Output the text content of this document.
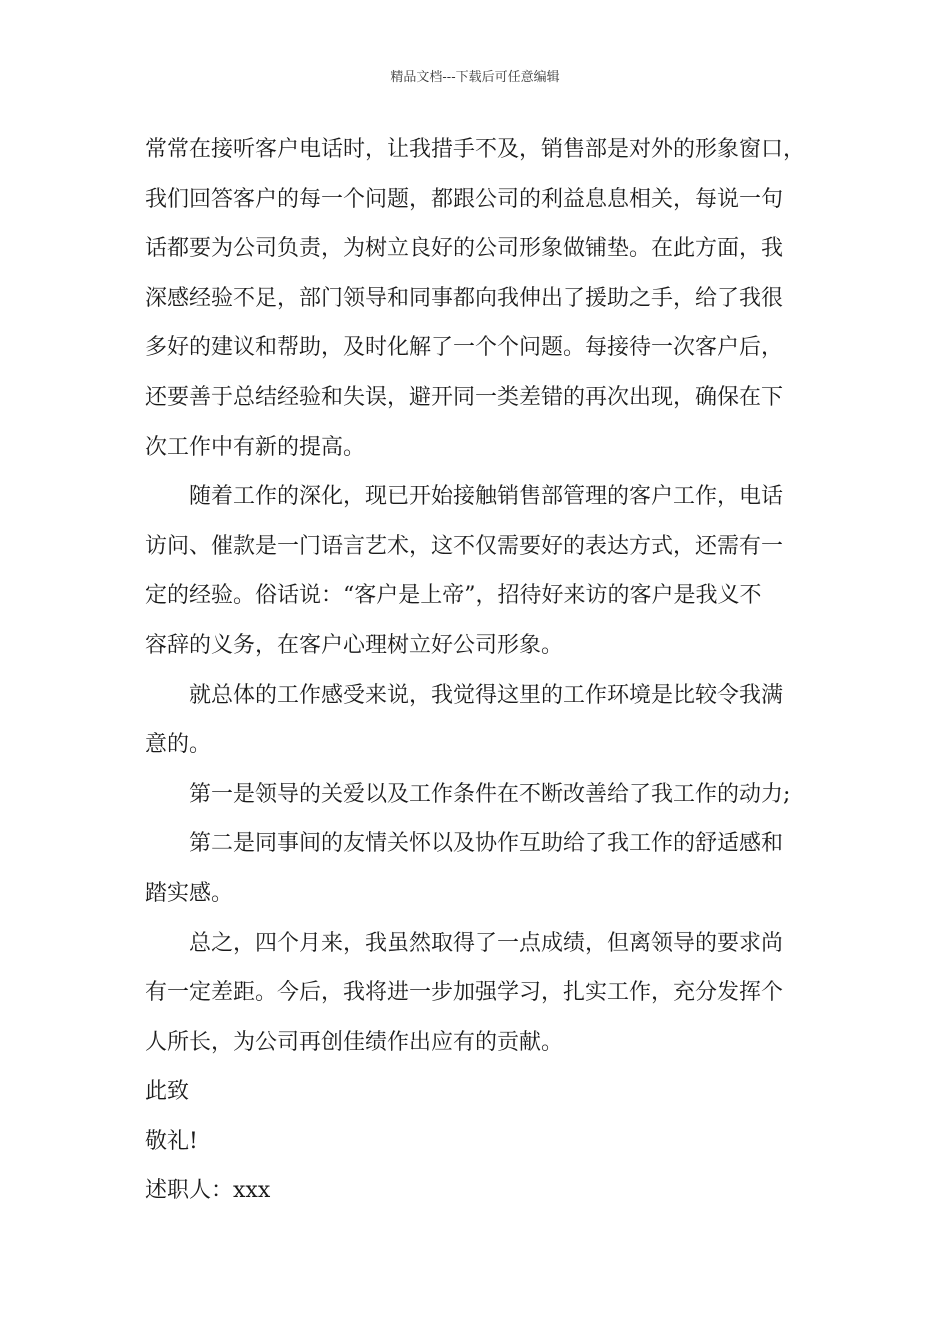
精品文档---下载后可任意编辑

常常在接听客户电话时，让我措手不及，销售部是对外的形象窗口，
我们回答客户的每一个问题，都跟公司的利益息息相关，每说一句
话都要为公司负责，为树立良好的公司形象做铺垫。在此方面，我
深感经验不足，部门领导和同事都向我伸出了援助之手，给了我很
多好的建议和帮助，及时化解了一个个问题。每接待一次客户后，
还要善于总结经验和失误，避开同一类差错的再次出现，确保在下
次工作中有新的提高。

随着工作的深化，现已开始接触销售部管理的客户工作，电话
访问、催款是一门语言艺术，这不仅需要好的表达方式，还需有一
定的经验。俗话说：“客户是上帝”，招待好来访的客户是我义不
容辞的义务，在客户心理树立好公司形象。

就总体的工作感受来说，我觉得这里的工作环境是比较令我满
意的。

第一是领导的关爱以及工作条件在不断改善给了我工作的动力;

第二是同事间的友情关怀以及协作互助给了我工作的舒适感和
踏实感。

总之，四个月来，我虽然取得了一点成绩，但离领导的要求尚
有一定差距。今后，我将进一步加强学习，扎实工作，充分发挥个
人所长，为公司再创佳绩作出应有的贡献。

此致
敬礼!
述职人：xxx
